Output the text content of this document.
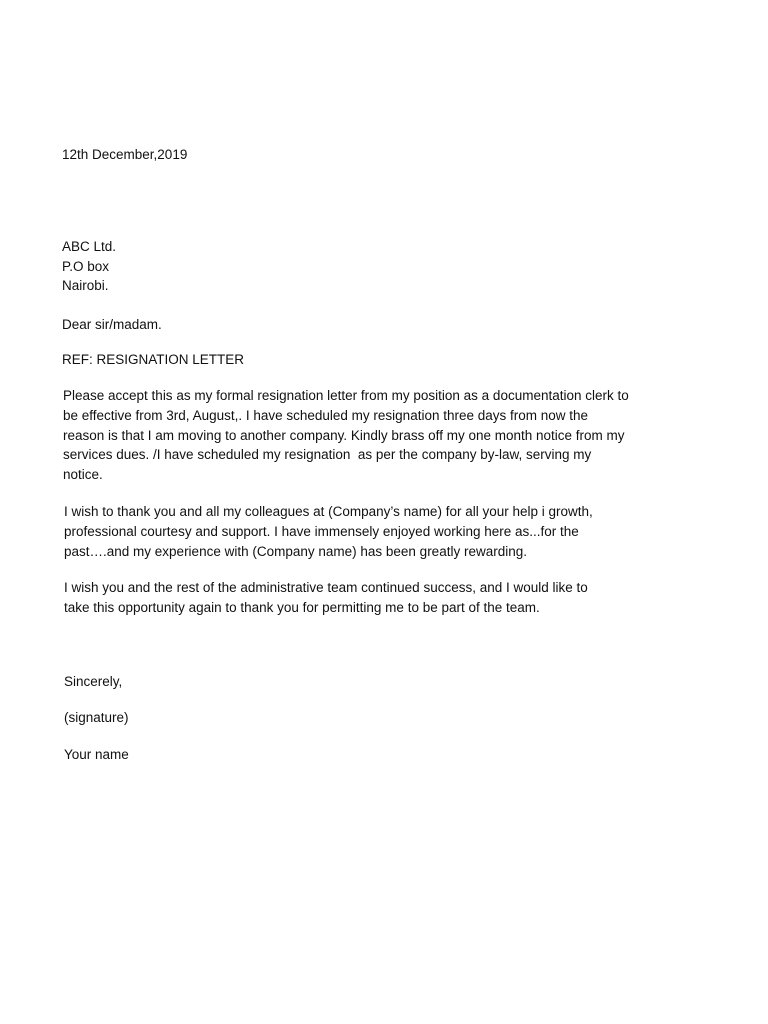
12th December,2019
ABC Ltd.
P.O box
Nairobi.
Dear sir/madam.
REF: RESIGNATION LETTER
Please accept this as my formal resignation letter from my position as a documentation clerk to
be effective from 3rd, August,. I have scheduled my resignation three days from now the
reason is that I am moving to another company. Kindly brass off my one month notice from my
services dues. /I have scheduled my resignation  as per the company by-law, serving my
notice.
I wish to thank you and all my colleagues at (Company’s name) for all your help i growth,
professional courtesy and support. I have immensely enjoyed working here as...for the
past….and my experience with (Company name) has been greatly rewarding.
I wish you and the rest of the administrative team continued success, and I would like to
take this opportunity again to thank you for permitting me to be part of the team.
Sincerely,
(signature)
Your name
